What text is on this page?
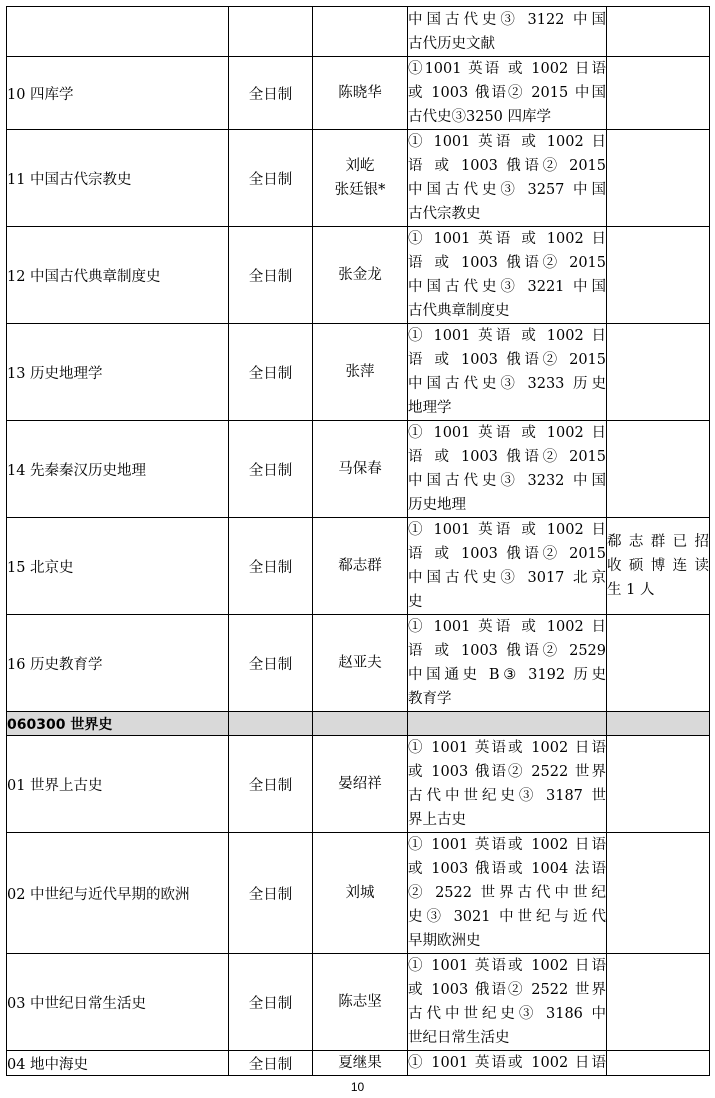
			中国古代史③ 3122 中国
古代历史文献	

10 四库学	全日制	陈晓华	①1001 英语 或 1002 日语
或 1003 俄语② 2015 中国
古代史③3250 四库学	

11 中国古代宗教史	全日制	刘屹
张廷银*	① 1001 英语 或 1002 日
语 或 1003 俄语② 2015
中国古代史③ 3257 中国
古代宗教史	

12 中国古代典章制度史	全日制	张金龙	① 1001 英语 或 1002 日
语 或 1003 俄语② 2015
中国古代史③ 3221 中国
古代典章制度史	

13 历史地理学	全日制	张萍	① 1001 英语 或 1002 日
语 或 1003 俄语② 2015
中国古代史③ 3233 历史
地理学	

14 先秦秦汉历史地理	全日制	马保春	① 1001 英语 或 1002 日
语 或 1003 俄语② 2015
中国古代史③ 3232 中国
历史地理	

15 北京史	全日制	郗志群	① 1001 英语 或 1002 日
语 或 1003 俄语② 2015
中国古代史③ 3017 北京
史	郗志群已招
收硕博连读
生 1 人

16 历史教育学	全日制	赵亚夫	① 1001 英语 或 1002 日
语 或 1003 俄语② 2529
中国通史 B③ 3192 历史
教育学	

060300 世界史				
01 世界上古史	全日制	晏绍祥	① 1001 英语或 1002 日语
或 1003 俄语② 2522 世界
古代中世纪史③ 3187 世
界上古史	

02 中世纪与近代早期的欧洲	全日制	刘城	① 1001 英语或 1002 日语
或 1003 俄语或 1004 法语
② 2522 世界古代中世纪
史③ 3021 中世纪与近代
早期欧洲史	

03 中世纪日常生活史	全日制	陈志坚	① 1001 英语或 1002 日语
或 1003 俄语② 2522 世界
古代中世纪史③ 3186 中
世纪日常生活史	

04 地中海史	全日制	夏继果	① 1001 英语或 1002 日语	

10
